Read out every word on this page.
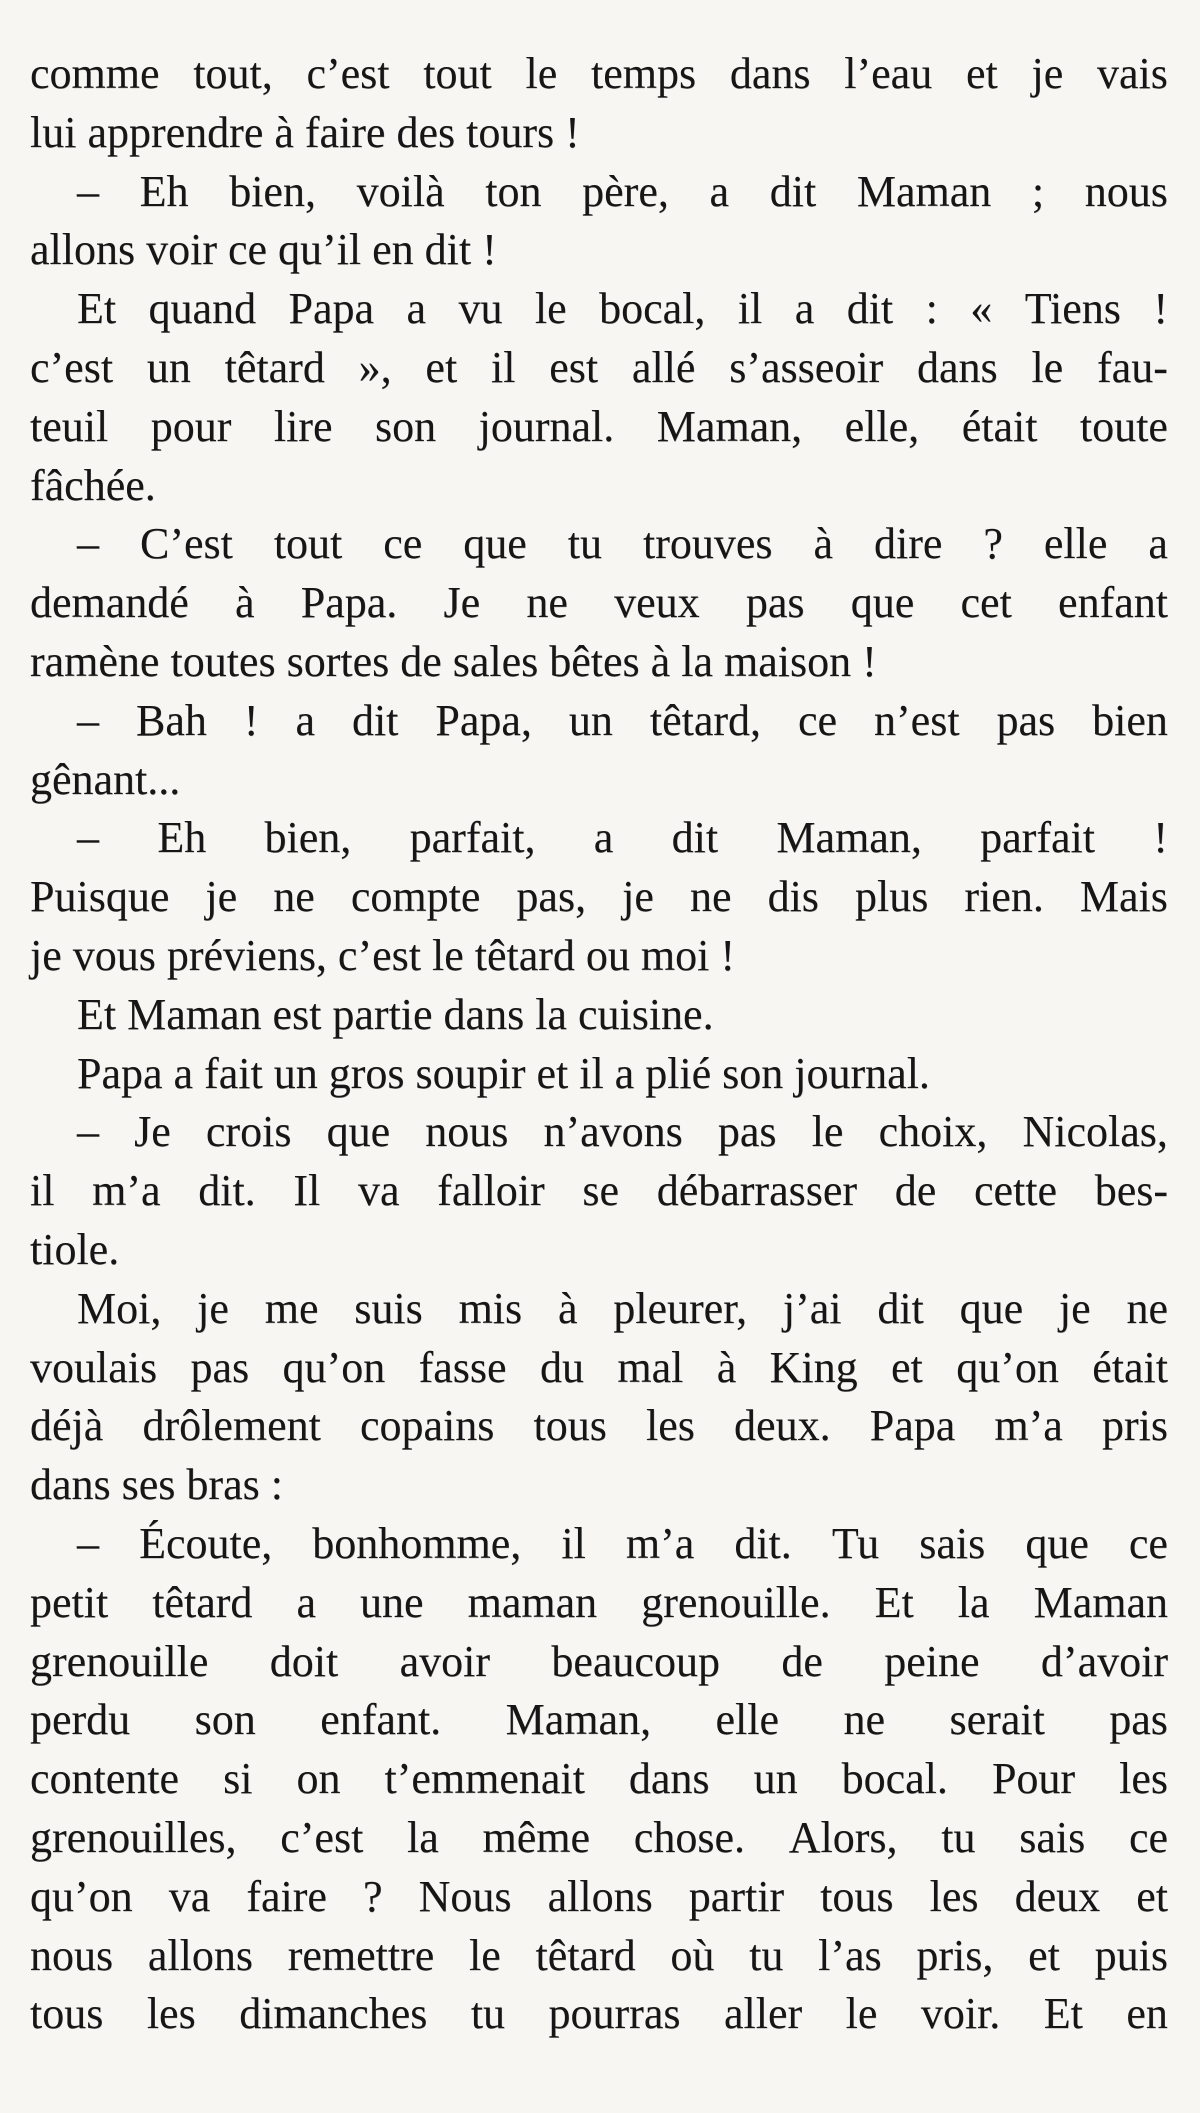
comme tout, c’est tout le temps dans l’eau et je vais
lui apprendre à faire des tours !
– Eh bien, voilà ton père, a dit Maman ; nous
allons voir ce qu’il en dit !
Et quand Papa a vu le bocal, il a dit : « Tiens !
c’est un têtard », et il est allé s’asseoir dans le fau-
teuil pour lire son journal. Maman, elle, était toute
fâchée.
– C’est tout ce que tu trouves à dire ? elle a
demandé à Papa. Je ne veux pas que cet enfant
ramène toutes sortes de sales bêtes à la maison !
– Bah ! a dit Papa, un têtard, ce n’est pas bien
gênant...
– Eh bien, parfait, a dit Maman, parfait !
Puisque je ne compte pas, je ne dis plus rien. Mais
je vous préviens, c’est le têtard ou moi !
Et Maman est partie dans la cuisine.
Papa a fait un gros soupir et il a plié son journal.
– Je crois que nous n’avons pas le choix, Nicolas,
il m’a dit. Il va falloir se débarrasser de cette bes-
tiole.
Moi, je me suis mis à pleurer, j’ai dit que je ne
voulais pas qu’on fasse du mal à King et qu’on était
déjà drôlement copains tous les deux. Papa m’a pris
dans ses bras :
– Écoute, bonhomme, il m’a dit. Tu sais que ce
petit têtard a une maman grenouille. Et la Maman
grenouille doit avoir beaucoup de peine d’avoir
perdu son enfant. Maman, elle ne serait pas
contente si on t’emmenait dans un bocal. Pour les
grenouilles, c’est la même chose. Alors, tu sais ce
qu’on va faire ? Nous allons partir tous les deux et
nous allons remettre le têtard où tu l’as pris, et puis
tous les dimanches tu pourras aller le voir. Et en
